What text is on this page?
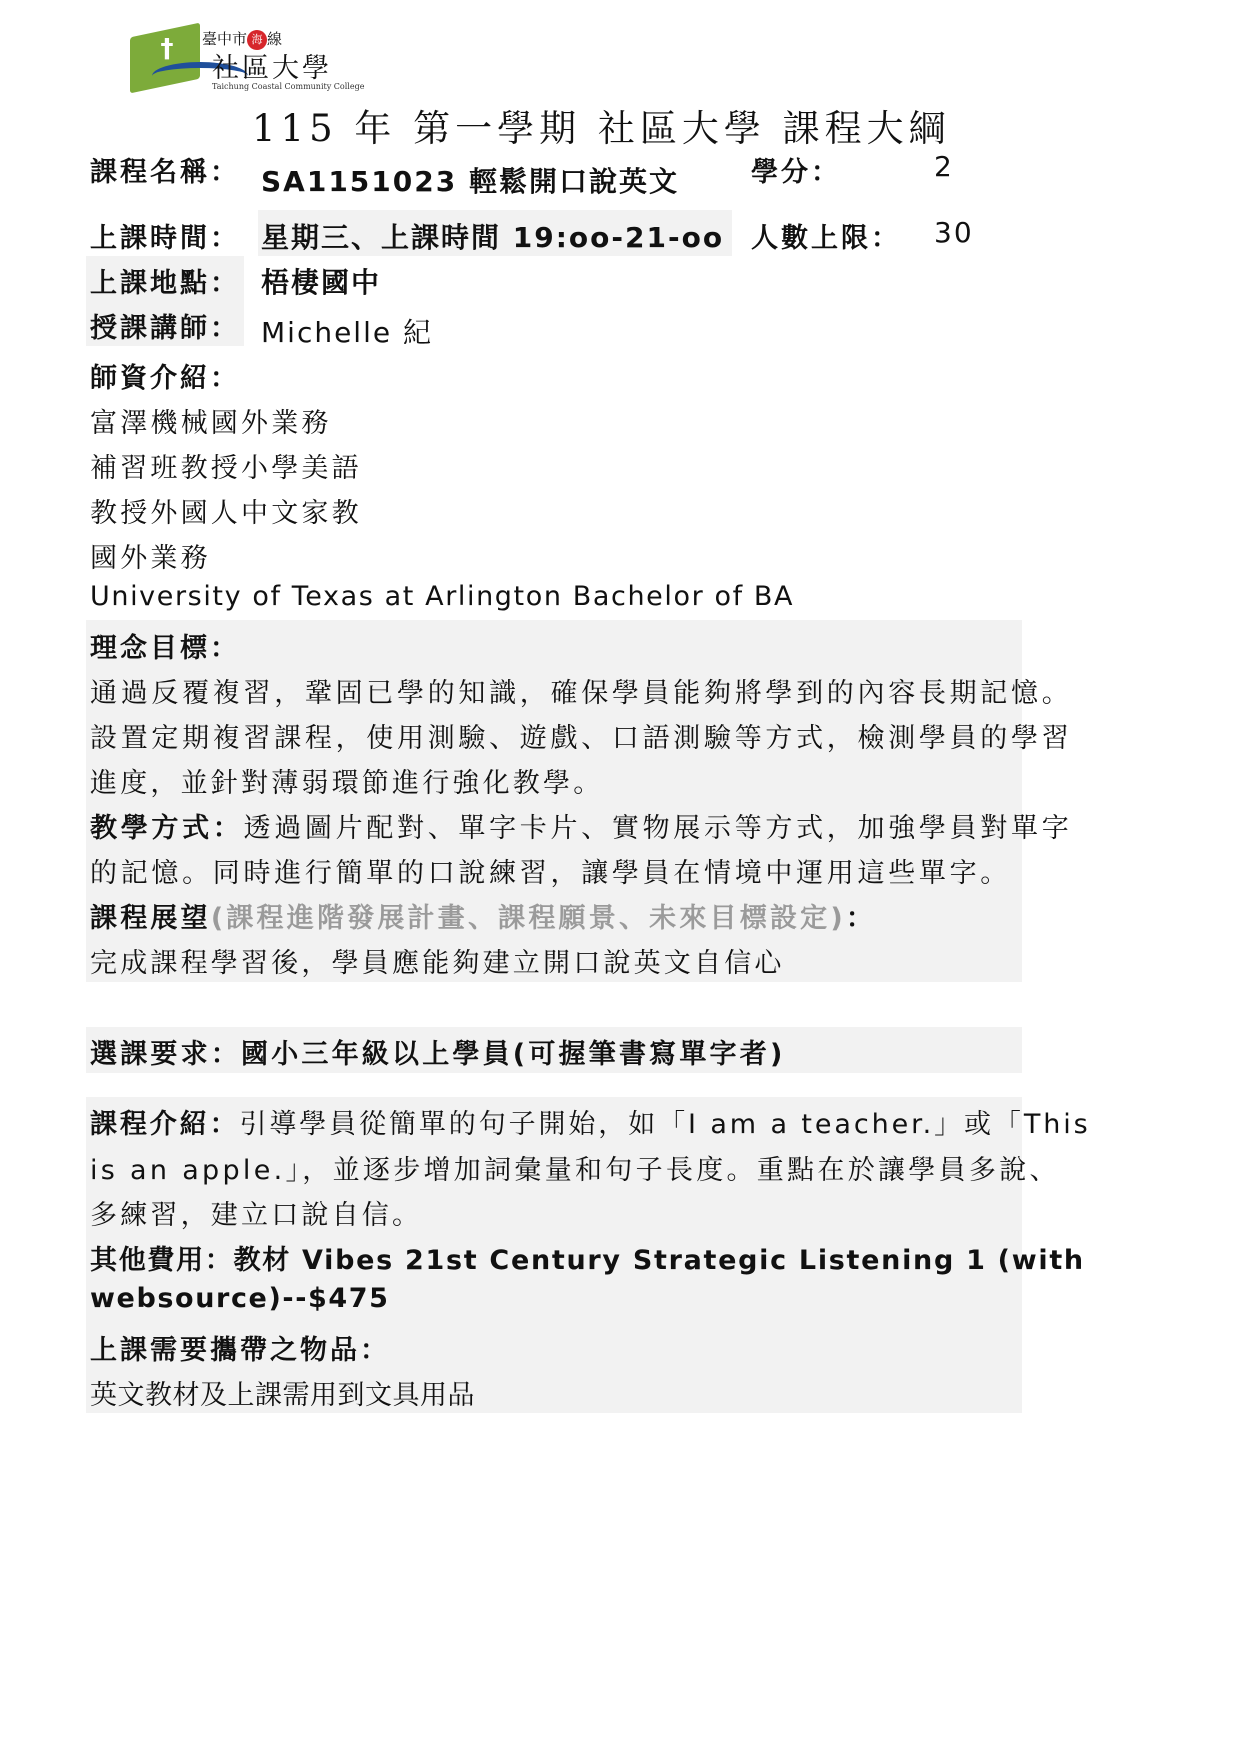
†	臺中市 海 線
社區大學
Taichung Coastal Community College
115 年 第一學期 社區大學 課程大綱
課程名稱： SA1151023 輕鬆開口說英文	學分：	2
上課時間： 星期三、上課時間 19:oo-21-oo 人數上限： 30
上課地點： 梧棲國中
授課講師： Michelle 紀
師資介紹：
富澤機械國外業務
補習班教授小學美語
教授外國人中文家教
國外業務
University of Texas at Arlington Bachelor of BA
理念目標：
通過反覆複習，鞏固已學的知識，確保學員能夠將學到的內容長期記憶。
設置定期複習課程，使用測驗、遊戲、口語測驗等方式，檢測學員的學習
進度，並針對薄弱環節進行強化教學。
教學方式：透過圖片配對、單字卡片、實物展示等方式，加強學員對單字
的記憶。同時進行簡單的口說練習，讓學員在情境中運用這些單字。
課程展望(課程進階發展計畫、課程願景、未來目標設定)：
完成課程學習後，學員應能夠建立開口說英文自信心
選課要求：國小三年級以上學員(可握筆書寫單字者)
課程介紹：引導學員從簡單的句子開始，如「I am a teacher.」或「This
is an apple.」，並逐步增加詞彙量和句子長度。重點在於讓學員多說、
多練習，建立口說自信。
其他費用：教材 Vibes 21st Century Strategic Listening 1 (with
websource)--$475
上課需要攜帶之物品：
英文教材及上課需用到文具用品
